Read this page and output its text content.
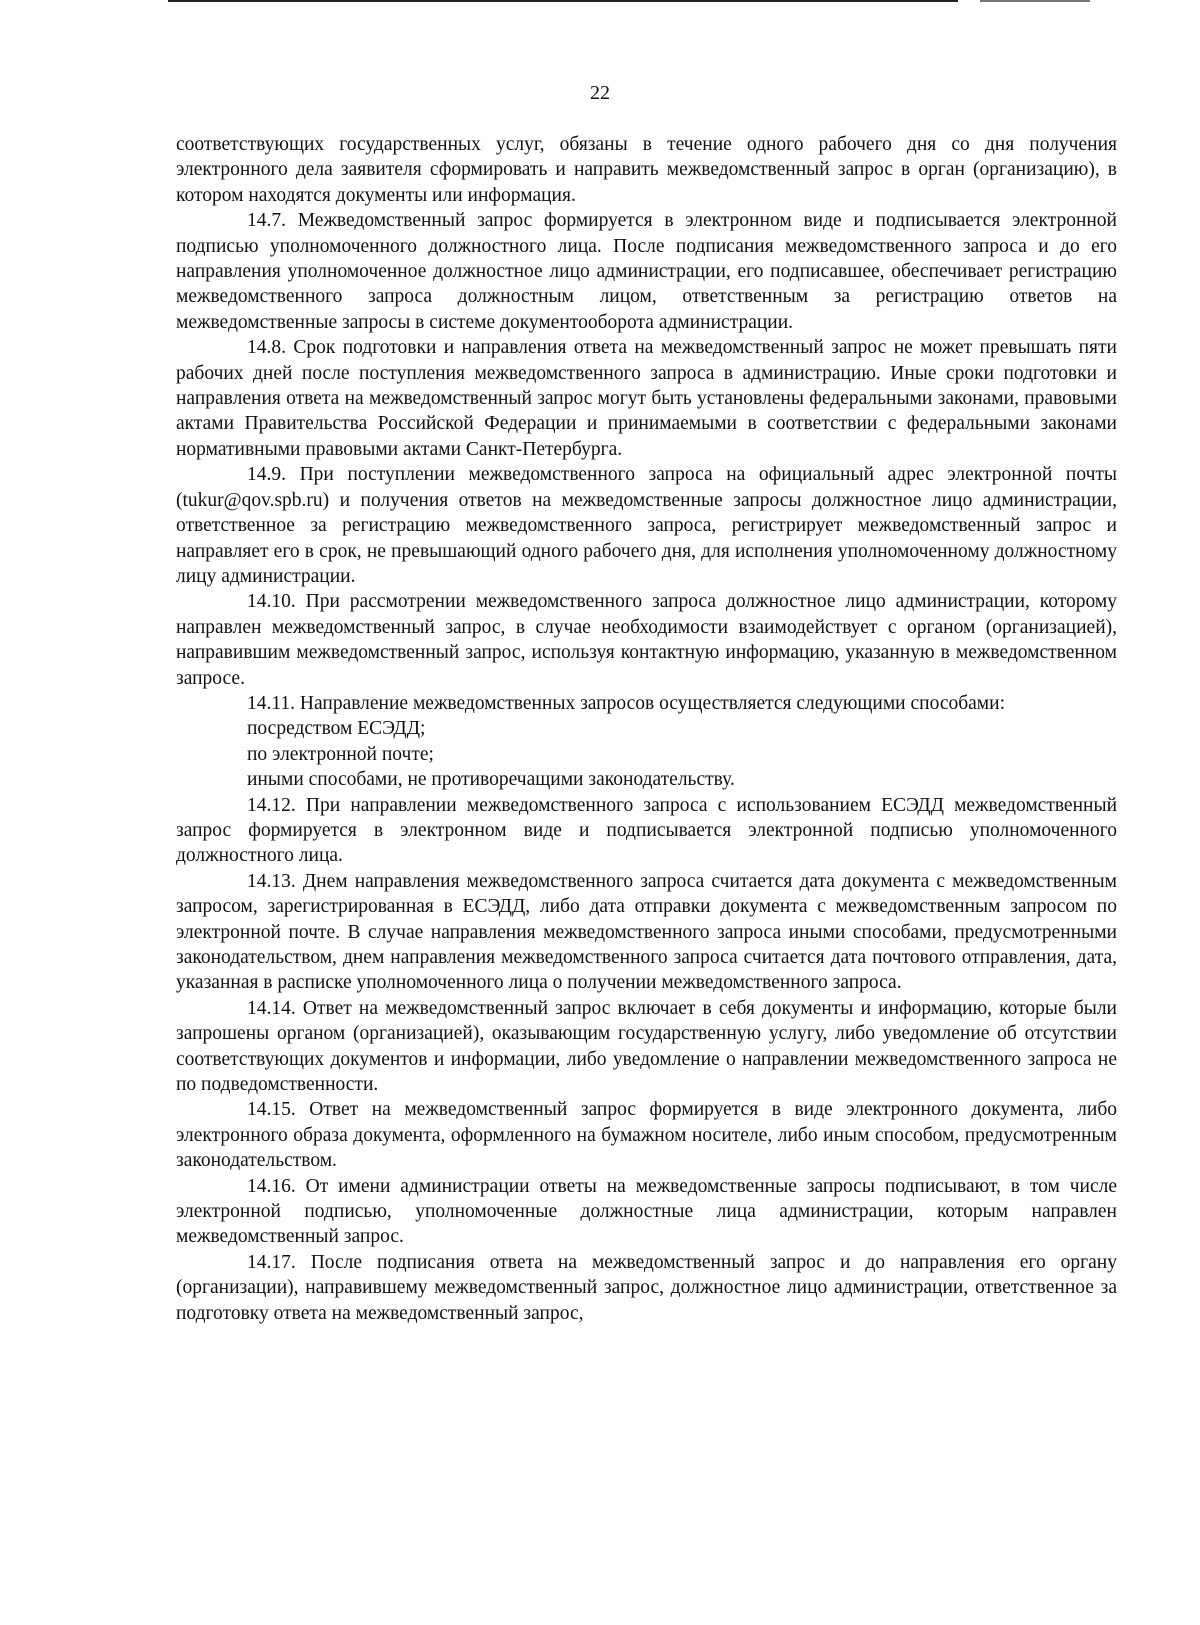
22

соответствующих государственных услуг, обязаны в течение одного рабочего дня со дня получения электронного дела заявителя сформировать и направить межведомственный запрос в орган (организацию), в котором находятся документы или информация.

14.7. Межведомственный запрос формируется в электронном виде и подписывается электронной подписью уполномоченного должностного лица. После подписания межведомственного запроса и до его направления уполномоченное должностное лицо администрации, его подписавшее, обеспечивает регистрацию межведомственного запроса должностным лицом, ответственным за регистрацию ответов на межведомственные запросы в системе документооборота администрации.

14.8. Срок подготовки и направления ответа на межведомственный запрос не может превышать пяти рабочих дней после поступления межведомственного запроса в администрацию. Иные сроки подготовки и направления ответа на межведомственный запрос могут быть установлены федеральными законами, правовыми актами Правительства Российской Федерации и принимаемыми в соответствии с федеральными законами нормативными правовыми актами Санкт-Петербурга.

14.9. При поступлении межведомственного запроса на официальный адрес электронной почты (tukur@qov.spb.ru) и получения ответов на межведомственные запросы должностное лицо администрации, ответственное за регистрацию межведомственного запроса, регистрирует межведомственный запрос и направляет его в срок, не превышающий одного рабочего дня, для исполнения уполномоченному должностному лицу администрации.

14.10. При рассмотрении межведомственного запроса должностное лицо администрации, которому направлен межведомственный запрос, в случае необходимости взаимодействует с органом (организацией), направившим межведомственный запрос, используя контактную информацию, указанную в межведомственном запросе.

14.11. Направление межведомственных запросов осуществляется следующими способами:

посредством ЕСЭДД;

по электронной почте;

иными способами, не противоречащими законодательству.

14.12. При направлении межведомственного запроса с использованием ЕСЭДД межведомственный запрос формируется в электронном виде и подписывается электронной подписью уполномоченного должностного лица.

14.13. Днем направления межведомственного запроса считается дата документа с межведомственным запросом, зарегистрированная в ЕСЭДД, либо дата отправки документа с межведомственным запросом по электронной почте. В случае направления межведомственного запроса иными способами, предусмотренными законодательством, днем направления межведомственного запроса считается дата почтового отправления, дата, указанная в расписке уполномоченного лица о получении межведомственного запроса.

14.14. Ответ на межведомственный запрос включает в себя документы и информацию, которые были запрошены органом (организацией), оказывающим государственную услугу, либо уведомление об отсутствии соответствующих документов и информации, либо уведомление о направлении межведомственного запроса не по подведомственности.

14.15. Ответ на межведомственный запрос формируется в виде электронного документа, либо электронного образа документа, оформленного на бумажном носителе, либо иным способом, предусмотренным законодательством.

14.16. От имени администрации ответы на межведомственные запросы подписывают, в том числе электронной подписью, уполномоченные должностные лица администрации, которым направлен межведомственный запрос.

14.17. После подписания ответа на межведомственный запрос и до направления его органу (организации), направившему межведомственный запрос, должностное лицо администрации, ответственное за подготовку ответа на межведомственный запрос,
